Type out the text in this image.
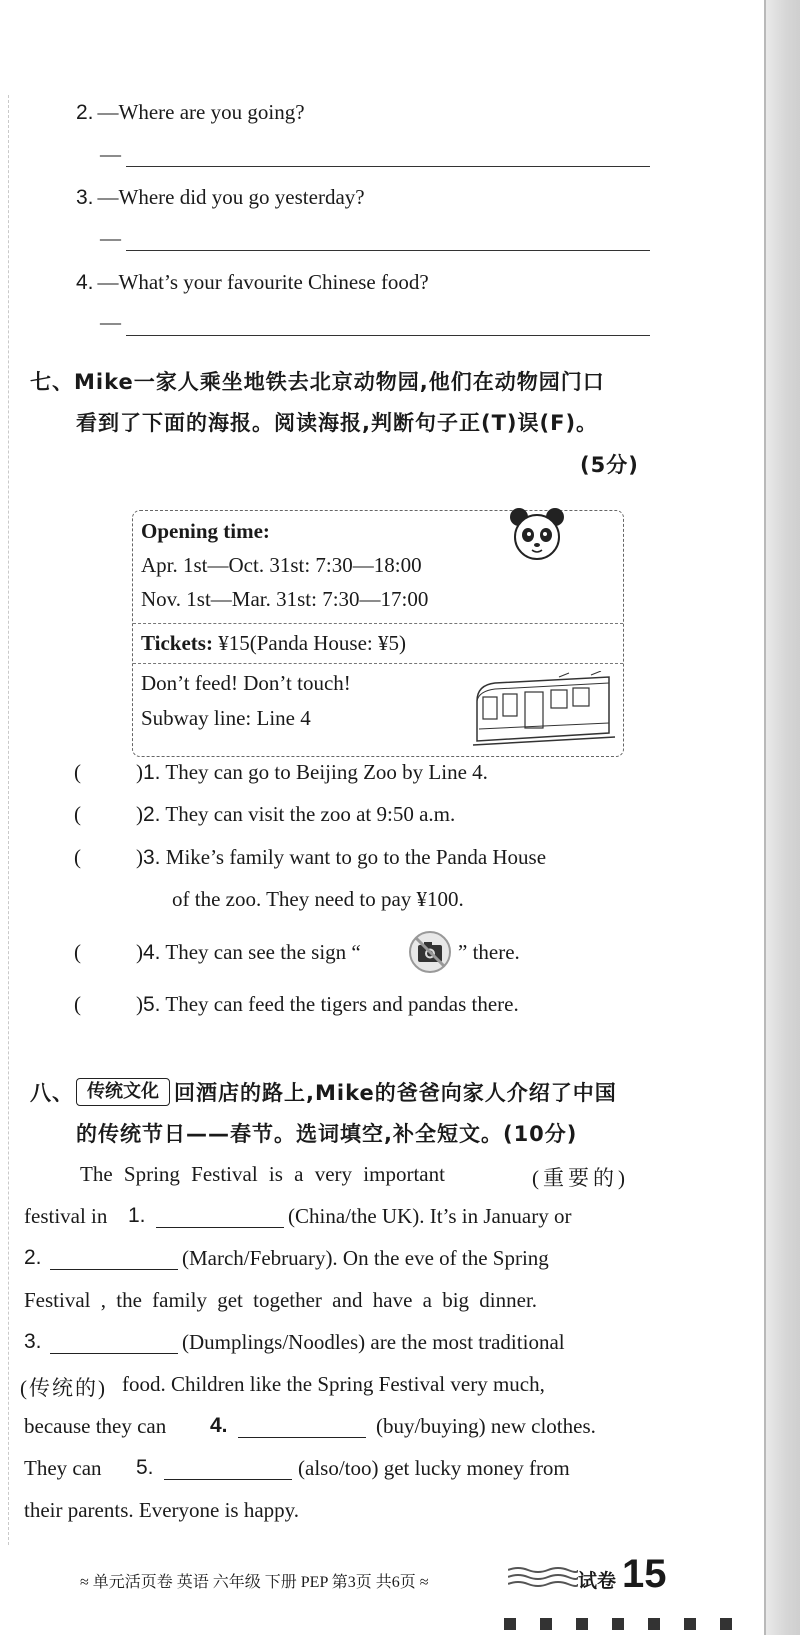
2. —Where are you going?
—
3. —Where did you go yesterday?
—
4. —What’s your favourite Chinese food?
—
七、Mike一家人乘坐地铁去北京动物园,他们在动物园门口
看到了下面的海报。阅读海报,判断句子正(T)误(F)。
(5分)
Opening time:
Apr. 1st—Oct. 31st: 7:30—18:00
Nov. 1st—Mar. 31st: 7:30—17:00
Tickets: ¥15(Panda House: ¥5)
Don’t feed! Don’t touch!
Subway line: Line 4
(	)1. They can go to Beijing Zoo by Line 4.
(	)2. They can visit the zoo at 9:50 a.m.
(	)3. Mike’s family want to go to the Panda House
of the zoo. They need to pay ¥100.
(	)4. They can see the sign “	” there.
(	)5. They can feed the tigers and pandas there.
八、 传统文化 回酒店的路上,Mike的爸爸向家人介绍了中国
的传统节日——春节。选词填空,补全短文。(10分)
The Spring Festival is a very important	(重要的)
festival in 1.	(China/the UK). It’s in January or
2.	(March/February). On the eve of the Spring
Festival , the family get together and have a big dinner.
3.	(Dumplings/Noodles) are the most traditional
(传统的) food. Children like the Spring Festival very much,
because they can 4.	(buy/buying) new clothes.
They can 5.	(also/too) get lucky money from
their parents. Everyone is happy.
≈ 单元活页卷 英语 六年级 下册 PEP 第3页 共6页 ≈	试卷 15
